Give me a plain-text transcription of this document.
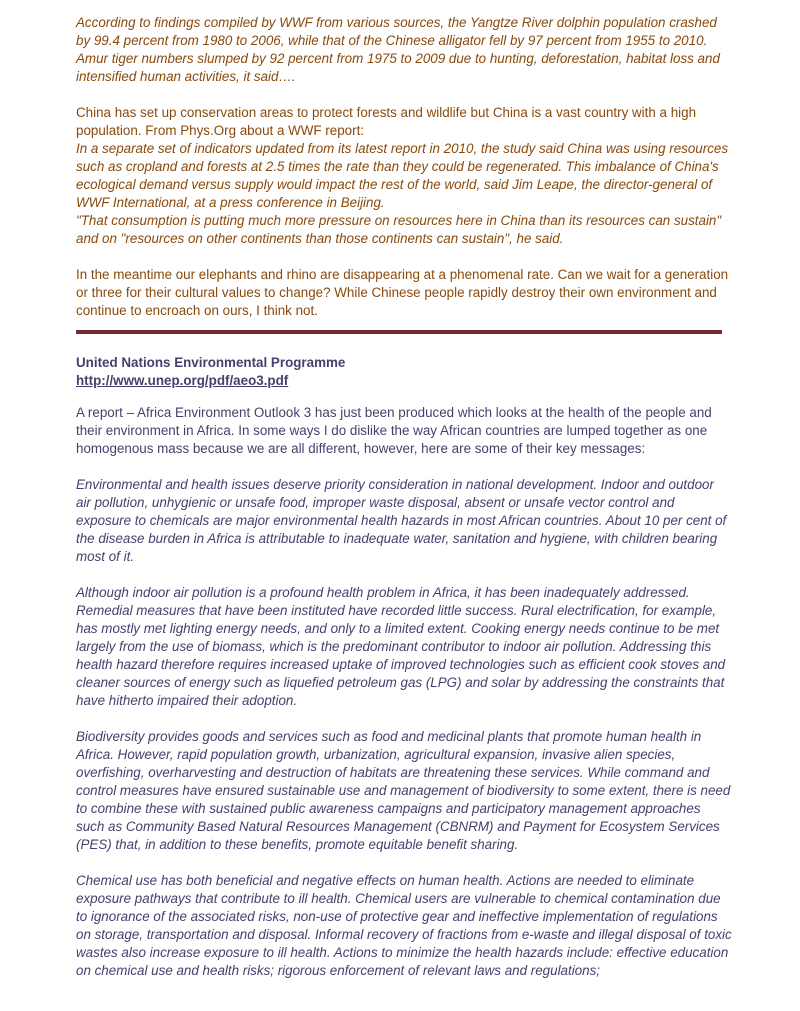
According to findings compiled by WWF from various sources, the Yangtze River dolphin population crashed by 99.4 percent from 1980 to 2006, while that of the Chinese alligator fell by 97 percent from 1955 to 2010. Amur tiger numbers slumped by 92 percent from 1975 to 2009 due to hunting, deforestation, habitat loss and intensified human activities, it said….

China has set up conservation areas to protect forests and wildlife but China is a vast country with a high population. From Phys.Org about a WWF report:

In a separate set of indicators updated from its latest report in 2010, the study said China was using resources such as cropland and forests at 2.5 times the rate than they could be regenerated. This imbalance of China's ecological demand versus supply would impact the rest of the world, said Jim Leape, the director-general of WWF International, at a press conference in Beijing.

"That consumption is putting much more pressure on resources here in China than its resources can sustain" and on "resources on other continents than those continents can sustain", he said.

In the meantime our elephants and rhino are disappearing at a phenomenal rate. Can we wait for a generation or three for their cultural values to change? While Chinese people rapidly destroy their own environment and continue to encroach on ours, I think not.

United Nations Environmental Programme
http://www.unep.org/pdf/aeo3.pdf

A report – Africa Environment Outlook 3 has just been produced which looks at the health of the people and their environment in Africa. In some ways I do dislike the way African countries are lumped together as one homogenous mass because we are all different, however, here are some of their key messages:

Environmental and health issues deserve priority consideration in national development. Indoor and outdoor air pollution, unhygienic or unsafe food, improper waste disposal, absent or unsafe vector control and exposure to chemicals are major environmental health hazards in most African countries. About 10 per cent of the disease burden in Africa is attributable to inadequate water, sanitation and hygiene, with children bearing most of it.

Although indoor air pollution is a profound health problem in Africa, it has been inadequately addressed. Remedial measures that have been instituted have recorded little success. Rural electrification, for example, has mostly met lighting energy needs, and only to a limited extent. Cooking energy needs continue to be met largely from the use of biomass, which is the predominant contributor to indoor air pollution. Addressing this health hazard therefore requires increased uptake of improved technologies such as efficient cook stoves and cleaner sources of energy such as liquefied petroleum gas (LPG) and solar by addressing the constraints that have hitherto impaired their adoption.

Biodiversity provides goods and services such as food and medicinal plants that promote human health in Africa. However, rapid population growth, urbanization, agricultural expansion, invasive alien species, overfishing, overharvesting and destruction of habitats are threatening these services. While command and control measures have ensured sustainable use and management of biodiversity to some extent, there is need to combine these with sustained public awareness campaigns and participatory management approaches such as Community Based Natural Resources Management (CBNRM) and Payment for Ecosystem Services (PES) that, in addition to these benefits, promote equitable benefit sharing.

Chemical use has both beneficial and negative effects on human health. Actions are needed to eliminate exposure pathways that contribute to ill health. Chemical users are vulnerable to chemical contamination due to ignorance of the associated risks, non-use of protective gear and ineffective implementation of regulations on storage, transportation and disposal. Informal recovery of fractions from e-waste and illegal disposal of toxic wastes also increase exposure to ill health. Actions to minimize the health hazards include: effective education on chemical use and health risks; rigorous enforcement of relevant laws and regulations;
